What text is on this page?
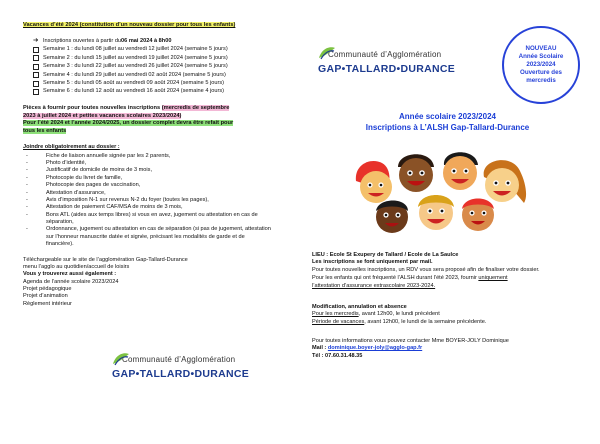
Vacances d’été 2024 (constitution d’un nouveau dossier pour tous les enfants)
➔ Inscriptions ouvertes à partir du 06 mai 2024 à 8h00
Semaine 1 : du lundi 08 juillet au vendredi 12 juillet 2024 (semaine 5 jours)
Semaine 2 : du lundi 15 juillet au vendredi 19 juillet 2024 (semaine 5 jours)
Semaine 3 : du lundi 22 juillet au vendredi 26 juillet 2024 (semaine 5 jours)
Semaine 4 : du lundi 29 juillet au vendredi 02 août 2024 (semaine 5 jours)
Semaine 5 : du lundi 05 août au vendredi 09 août 2024 (semaine 5 jours)
Semaine 6 : du lundi 12 août au vendredi 16 août 2024 (semaine 4 jours)
Pièces à fournir pour toutes nouvelles inscriptions (mercredis de septembre
2023 à juillet 2024 et petites vacances scolaires 2023/2024)
Pour l’été 2024 et l’année 2024/2025, un dossier complet devra être refait pour
tous les enfants
Joindre obligatoirement au dossier :
- Fiche de liaison annuelle signée par les 2 parents,
- Photo d’identité,
- Justificatif de domicile de moins de 3 mois,
- Photocopie du livret de famille,
- Photocopie des pages de vaccination,
- Attestation d’assurance,
- Avis d’imposition N-1 sur revenus N-2 du foyer (toutes les pages),
- Attestation de paiement CAF/MSA de moins de 3 mois,
- Bons ATL (aides aux temps libres) si vous en avez, jugement ou attestation en cas de séparation,
- Ordonnance, jugement ou attestation en cas de séparation (si pas de jugement, attestation sur l’honneur manuscrite datée et signée, précisant les modalités de garde et de financière).
Téléchargeable sur le site de l’agglomération Gap-Tallard-Durance
menu l’agglo au quotidien/accueil de loisirs
Vous y trouverez aussi également :
Agenda de l’année scolaire 2023/2024
Projet pédagogique
Projet d’animation
Règlement intérieur
Communauté d’Agglomération
GAP•TALLARD•DURANCE
Communauté d’Agglomération
GAP•TALLARD•DURANCE
NOUVEAU
Année Scolaire
2023/2024
Ouverture des
mercredis
Année scolaire 2023/2024
Inscriptions à L’ALSH Gap-Tallard-Durance

LIEU : Ecole St Exupery de Tallard / Ecole de La Saulce

Les inscriptions se font uniquement par mail.

Pour toutes nouvelles inscriptions, un RDV vous sera proposé afin de finaliser votre dossier.

Pour les enfants qui ont fréquenté l’ALSH durant l’été 2023, fournir uniquement

l’attestation d’assurance extrascolaire 2023-2024.

Modification, annulation et absence

Pour les mercredis, avant 12h00, le lundi précédent

Période de vacances, avant 12h00, le lundi de la semaine précédente.

Pour toutes informations vous pouvez contacter Mme BOYER-JOLY Dominique

Mail : dominique.boyer-joly@agglo-gap.fr

Tél : 07.60.31.48.35
